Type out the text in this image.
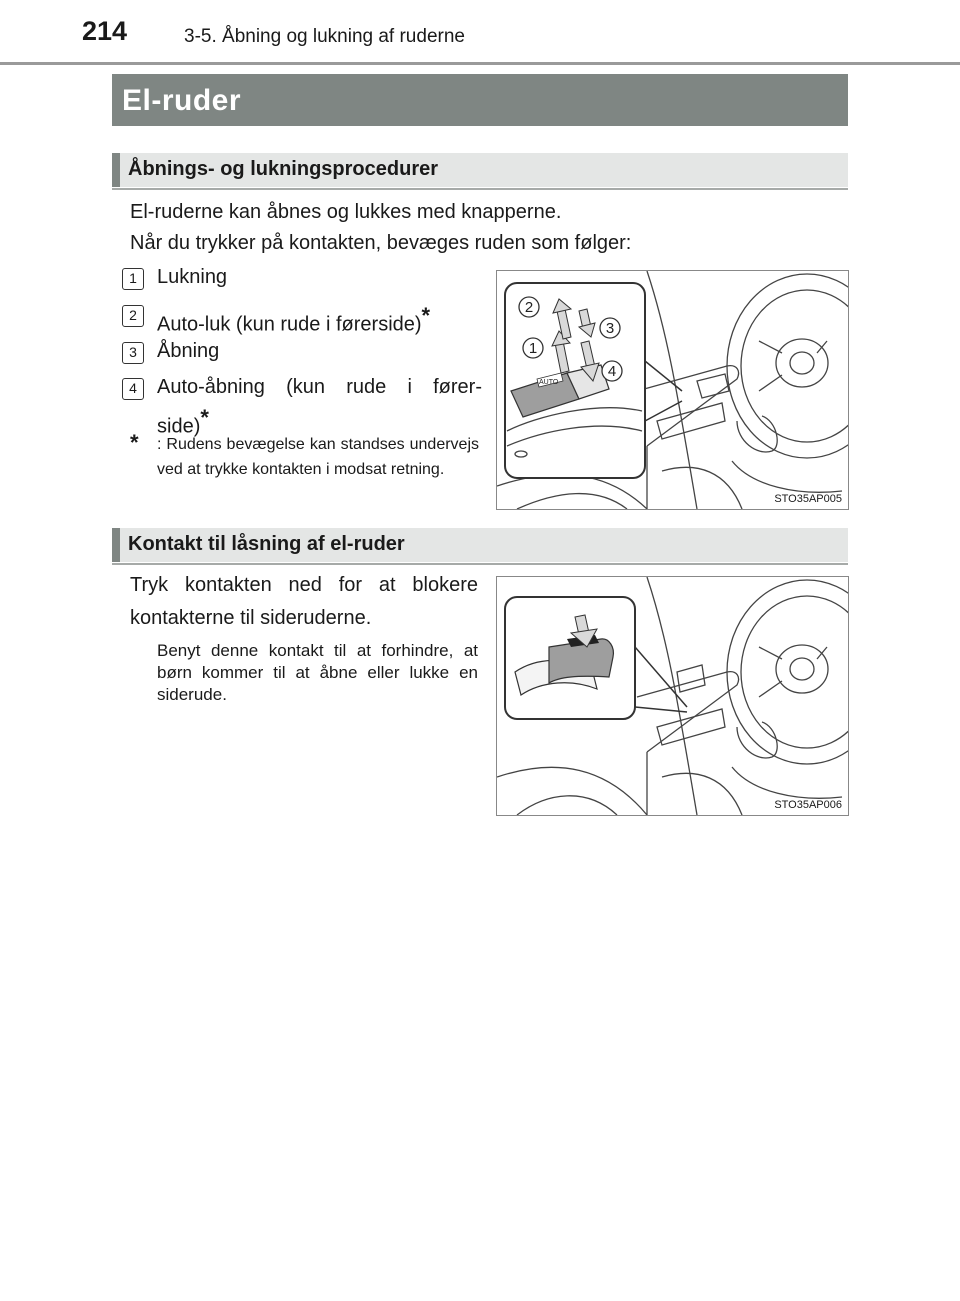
214	3-5. Åbning og lukning af ruderne
El-ruder
Åbnings- og lukningsprocedurer
El-ruderne kan åbnes og lukkes med knapperne.
Når du trykker på kontakten, bevæges ruden som følger:
1 Lukning
2 Auto-luk (kun rude i førerside)*
3 Åbning
4 Auto-åbning (kun rude i fører-
side)*
* : Rudens bevægelse kan standses undervejs ved at trykke kontakten i modsat retning.
AUTO
2
3
1
4
STO35AP005
Kontakt til låsning af el-ruder
Tryk kontakten ned for at blokere kontakterne til sideruderne.
Benyt denne kontakt til at forhindre, at børn kommer til at åbne eller lukke en siderude.
STO35AP006
